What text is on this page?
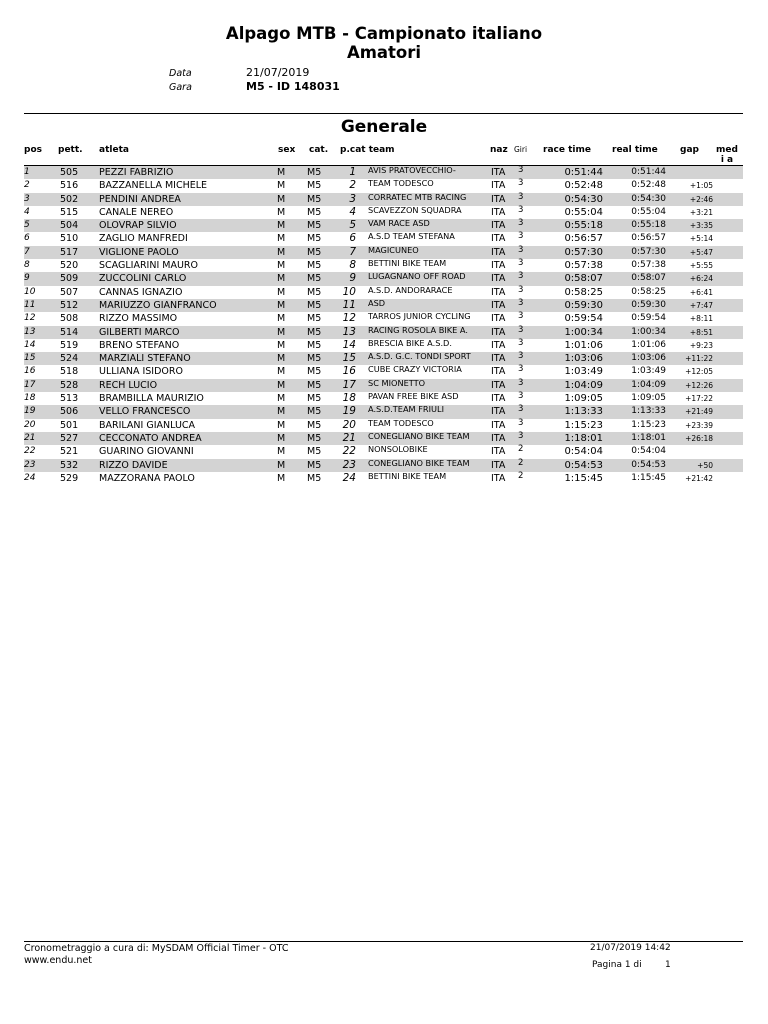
Alpago MTB - Campionato italiano
Amatori
Data	21/07/2019
Gara	M5 - ID 148031
Generale
pos pett. atleta	sex cat. p.cat team	naz Giri race time real time gap medi a
1	505 PEZZI FABRIZIO	M M5	1 AVIS PRATOVECCHIO-	ITA 3	0:51:44	0:51:44
2	516 BAZZANELLA MICHELE	M M5	2 TEAM TODESCO	ITA 3	0:52:48	0:52:48	+1:05
3	502 PENDINI ANDREA	M M5	3 CORRATEC MTB RACING	ITA 3	0:54:30	0:54:30	+2:46
4	515 CANALE NEREO	M M5	4 SCAVEZZON SQUADRA	ITA 3	0:55:04	0:55:04	+3:21
5	504 OLOVRAP SILVIO	M M5	5 VAM RACE ASD	ITA 3	0:55:18	0:55:18	+3:35
6	510 ZAGLIO MANFREDI	M M5	6 A.S.D TEAM STEFANA	ITA 3	0:56:57	0:56:57	+5:14
7	517 VIGLIONE PAOLO	M M5	7 MAGICUNEO	ITA 3	0:57:30	0:57:30	+5:47
8	520 SCAGLIARINI MAURO	M M5	8 BETTINI BIKE TEAM	ITA 3	0:57:38	0:57:38	+5:55
9	509 ZUCCOLINI CARLO	M M5	9 LUGAGNANO OFF ROAD	ITA 3	0:58:07	0:58:07	+6:24
10	507 CANNAS IGNAZIO	M M5 10 A.S.D. ANDORARACE	ITA 3	0:58:25	0:58:25	+6:41
11	512 MARIUZZO GIANFRANCO	M M5 11 ASD	ITA 3	0:59:30	0:59:30	+7:47
12	508 RIZZO MASSIMO	M M5 12 TARROS JUNIOR CYCLING ITA 3	0:59:54	0:59:54	+8:11
13	514 GILBERTI MARCO	M M5 13 RACING ROSOLA BIKE A. ITA 3	1:00:34	1:00:34	+8:51
14	519 BRENO STEFANO	M M5 14 BRESCIA BIKE A.S.D.	ITA 3	1:01:06	1:01:06	+9:23
15	524 MARZIALI STEFANO	M M5 15 A.S.D. G.C. TONDI SPORT ITA 3	1:03:06	1:03:06	+11:22
16	518 ULLIANA ISIDORO	M M5 16 CUBE CRAZY VICTORIA	ITA 3	1:03:49	1:03:49	+12:05
17	528 RECH LUCIO	M M5 17 SC MIONETTO	ITA 3	1:04:09	1:04:09	+12:26
18	513 BRAMBILLA MAURIZIO	M M5 18 PAVAN FREE BIKE ASD	ITA 3	1:09:05	1:09:05	+17:22
19	506 VELLO FRANCESCO	M M5 19 A.S.D.TEAM FRIULI	ITA 3	1:13:33	1:13:33	+21:49
20	501 BARILANI GIANLUCA	M M5 20 TEAM TODESCO	ITA 3	1:15:23	1:15:23	+23:39
21	527 CECCONATO ANDREA	M M5 21 CONEGLIANO BIKE TEAM ITA 3	1:18:01	1:18:01	+26:18
22	521 GUARINO GIOVANNI	M M5 22 NONSOLOBIKE	ITA 2	0:54:04	0:54:04
23	532 RIZZO DAVIDE	M M5 23 CONEGLIANO BIKE TEAM ITA 2	0:54:53	0:54:53	+50
24	529 MAZZORANA PAOLO	M M5 24 BETTINI BIKE TEAM	ITA 2	1:15:45	1:15:45	+21:42
Cronometraggio a cura di: MySDAM Official Timer - OTC
www.endu.net
21/07/2019 14:42
Pagina 1 di	1
